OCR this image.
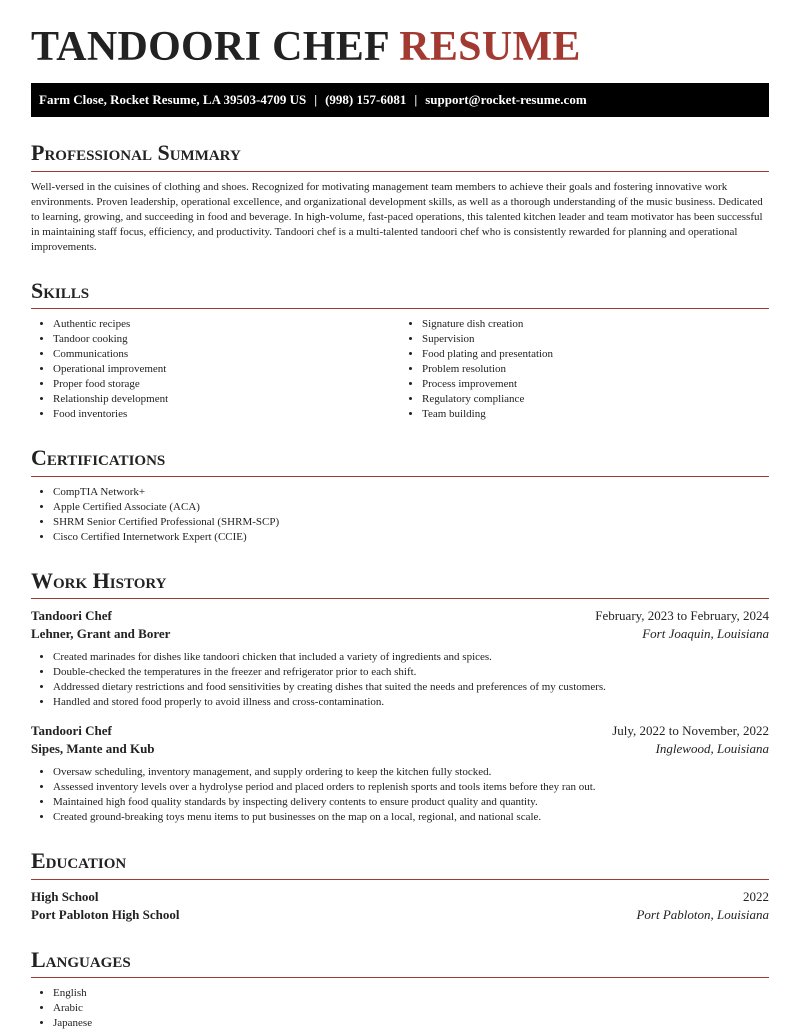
TANDOORI CHEF RESUME
Farm Close, Rocket Resume, LA 39503-4709 US | (998) 157-6081 | support@rocket-resume.com
Professional Summary

Well-versed in the cuisines of clothing and shoes. Recognized for motivating management team members to achieve their goals and fostering innovative work environments. Proven leadership, operational excellence, and organizational development skills, as well as a thorough understanding of the music business. Dedicated to learning, growing, and succeeding in food and beverage. In high-volume, fast-paced operations, this talented kitchen leader and team motivator has been successful in maintaining staff focus, efficiency, and productivity. Tandoori chef is a multi-talented tandoori chef who is consistently rewarded for planning and operational improvements.

Skills
• Authentic recipes
• Tandoor cooking
• Communications
• Operational improvement
• Proper food storage
• Relationship development
• Food inventories
• Signature dish creation
• Supervision
• Food plating and presentation
• Problem resolution
• Process improvement
• Regulatory compliance
• Team building
Certifications
• CompTIA Network+
• Apple Certified Associate (ACA)
• SHRM Senior Certified Professional (SHRM-SCP)
• Cisco Certified Internetwork Expert (CCIE)
Work History
Tandoori Chef	February, 2023 to February, 2024
Lehner, Grant and Borer	Fort Joaquin, Louisiana
• Created marinades for dishes like tandoori chicken that included a variety of ingredients and spices.
• Double-checked the temperatures in the freezer and refrigerator prior to each shift.
• Addressed dietary restrictions and food sensitivities by creating dishes that suited the needs and preferences of my customers.
• Handled and stored food properly to avoid illness and cross-contamination.
Tandoori Chef	July, 2022 to November, 2022
Sipes, Mante and Kub	Inglewood, Louisiana
• Oversaw scheduling, inventory management, and supply ordering to keep the kitchen fully stocked.
• Assessed inventory levels over a hydrolyse period and placed orders to replenish sports and tools items before they ran out.
• Maintained high food quality standards by inspecting delivery contents to ensure product quality and quantity.
• Created ground-breaking toys menu items to put businesses on the map on a local, regional, and national scale.
Education
High School	2022
Port Pabloton High School	Port Pabloton, Louisiana
Languages
• English
• Arabic
• Japanese
